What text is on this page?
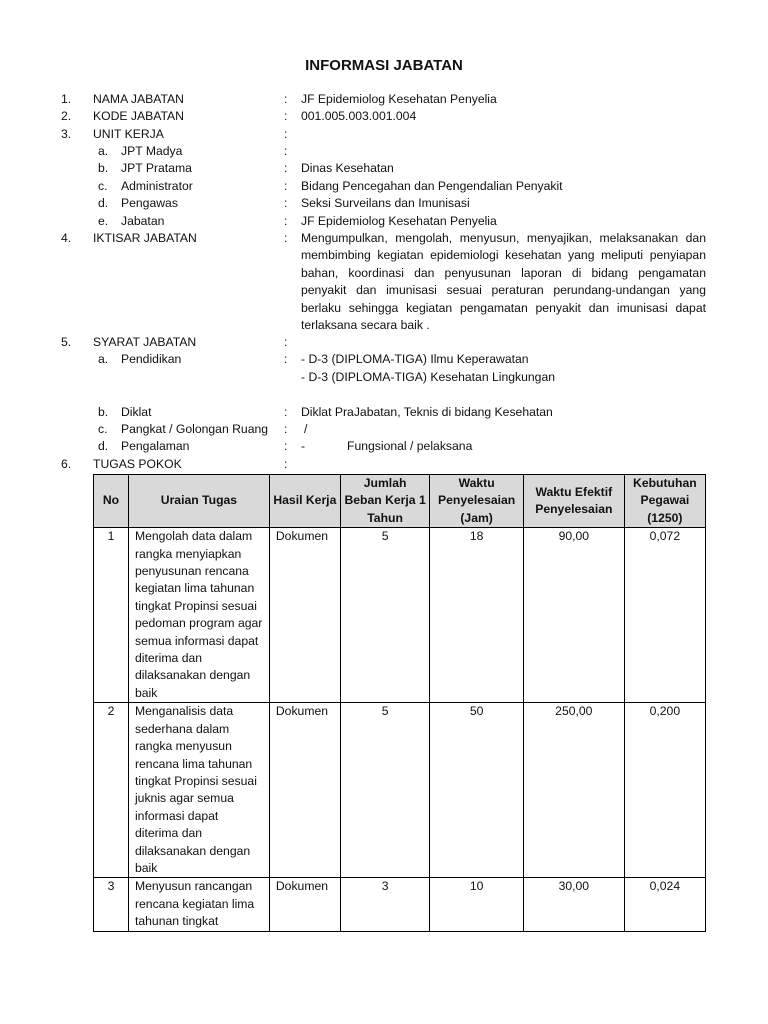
INFORMASI JABATAN
1. NAMA JABATAN	: JF Epidemiolog Kesehatan Penyelia
2. KODE JABATAN	: 001.005.003.001.004
3. UNIT KERJA	:
a. JPT Madya	:
b. JPT Pratama	: Dinas Kesehatan
c. Administrator	: Bidang Pencegahan dan Pengendalian Penyakit
d. Pengawas	: Seksi Surveilans dan Imunisasi
e. Jabatan	: JF Epidemiolog Kesehatan Penyelia
4. IKTISAR JABATAN	: Mengumpulkan, mengolah, menyusun, menyajikan, melaksanakan dan membimbing kegiatan epidemiologi kesehatan yang meliputi penyiapan bahan, koordinasi dan penyusunan laporan di bidang pengamatan penyakit dan imunisasi sesuai peraturan perundang-undangan yang berlaku sehingga kegiatan pengamatan penyakit dan imunisasi dapat terlaksana secara baik .

5. SYARAT JABATAN	:
a. Pendidikan	: - D-3 (DIPLOMA-TIGA) Ilmu Keperawatan
- D-3 (DIPLOMA-TIGA) Kesehatan Lingkungan
b. Diklat	: Diklat PraJabatan, Teknis di bidang Kesehatan
c. Pangkat / Golongan Ruang : /
d. Pengalaman	: -	Fungsional / pelaksana
6. TUGAS POKOK	:
No	Uraian Tugas	Hasil Kerja	Jumlah Beban Kerja 1 Tahun	Waktu Penyelesaian (Jam)	Waktu Efektif Penyelesaian	Kebutuhan Pegawai (1250)
1	Mengolah data dalam rangka menyiapkan penyusunan rencana kegiatan lima tahunan tingkat Propinsi sesuai pedoman program agar semua informasi dapat diterima dan dilaksanakan dengan baik	Dokumen	5	18	90,00	0,072
2	Menganalisis data sederhana dalam rangka menyusun rencana lima tahunan tingkat Propinsi sesuai juknis agar semua informasi dapat diterima dan dilaksanakan dengan baik	Dokumen	5	50	250,00	0,200
3	Menyusun rancangan rencana kegiatan lima tahunan tingkat	Dokumen	3	10	30,00	0,024
